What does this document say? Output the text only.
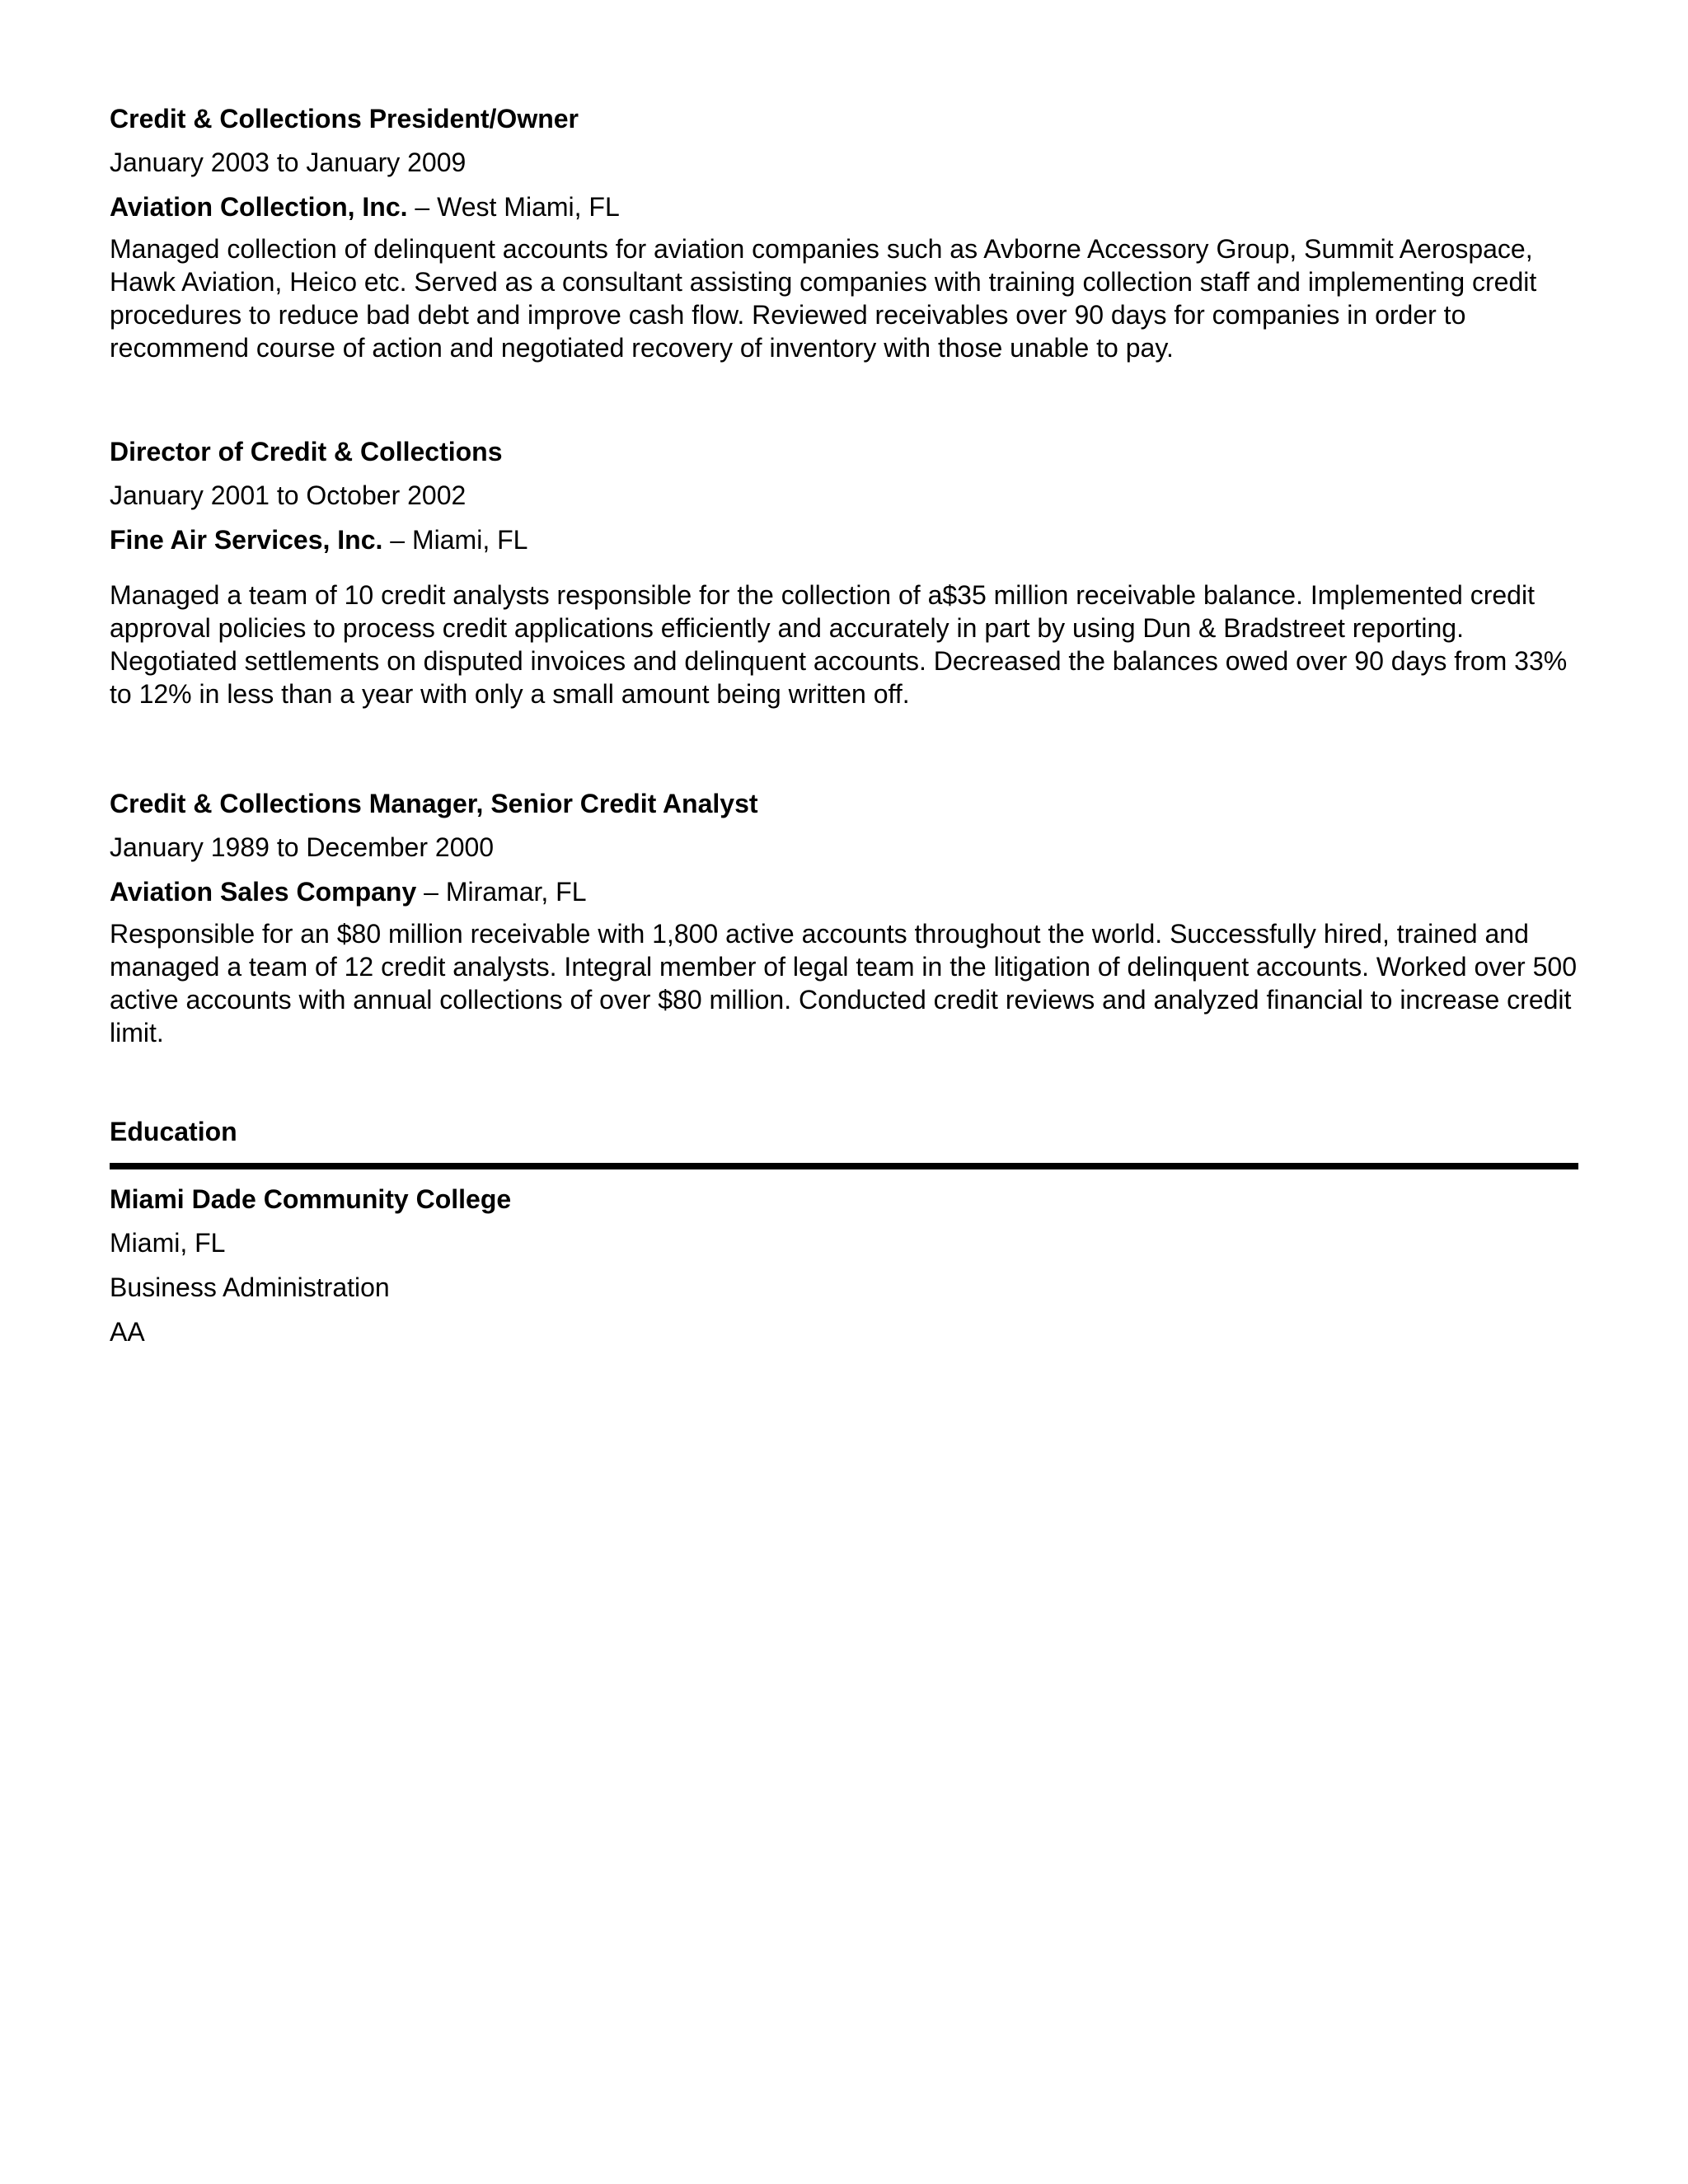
Credit & Collections President/Owner

January 2003 to January 2009

Aviation Collection, Inc. – West Miami, FL

Managed collection of delinquent accounts for aviation companies such as Avborne Accessory Group, Summit Aerospace, Hawk Aviation, Heico etc. Served as a consultant assisting companies with training collection staff and implementing credit procedures to reduce bad debt and improve cash flow. Reviewed receivables over 90 days for companies in order to recommend course of action and negotiated recovery of inventory with those unable to pay.

Director of Credit & Collections

January 2001 to October 2002

Fine Air Services, Inc. – Miami, FL

Managed a team of 10 credit analysts responsible for the collection of a$35 million receivable balance. Implemented credit approval policies to process credit applications efficiently and accurately in part by using Dun & Bradstreet reporting. Negotiated settlements on disputed invoices and delinquent accounts. Decreased the balances owed over 90 days from 33% to 12% in less than a year with only a small amount being written off.

Credit & Collections Manager, Senior Credit Analyst

January 1989 to December 2000

Aviation Sales Company – Miramar, FL

Responsible for an $80 million receivable with 1,800 active accounts throughout the world. Successfully hired, trained and managed a team of 12 credit analysts. Integral member of legal team in the litigation of delinquent accounts. Worked over 500 active accounts with annual collections of over $80 million. Conducted credit reviews and analyzed financial to increase credit limit.

Education

Miami Dade Community College

Miami, FL

Business Administration

AA
